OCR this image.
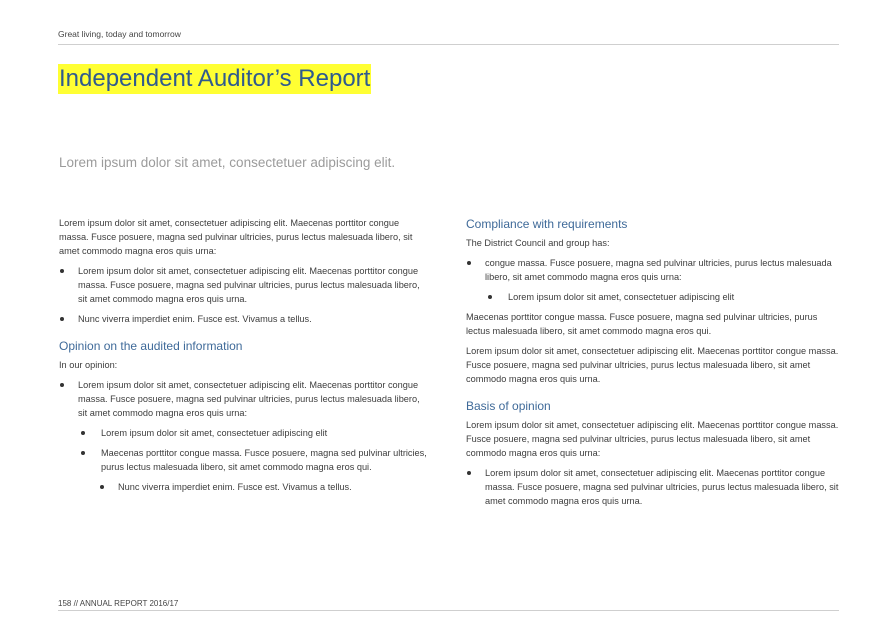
Great living, today and tomorrow
Independent Auditor’s Report
Lorem ipsum dolor sit amet, consectetuer adipiscing elit.

Lorem ipsum dolor sit amet, consectetuer adipiscing elit. Maecenas porttitor congue massa. Fusce posuere, magna sed pulvinar ultricies, purus lectus malesuada libero, sit amet commodo magna eros quis urna:

Lorem ipsum dolor sit amet, consectetuer adipiscing elit. Maecenas porttitor congue massa. Fusce posuere, magna sed pulvinar ultricies, purus lectus malesuada libero, sit amet commodo magna eros quis urna.
Nunc viverra imperdiet enim. Fusce est. Vivamus a tellus.
Opinion on the audited information

In our opinion:

Lorem ipsum dolor sit amet, consectetuer adipiscing elit. Maecenas porttitor congue massa. Fusce posuere, magna sed pulvinar ultricies, purus lectus malesuada libero, sit amet commodo magna eros quis urna:
Lorem ipsum dolor sit amet, consectetuer adipiscing elit
Maecenas porttitor congue massa. Fusce posuere, magna sed pulvinar ultricies, purus lectus malesuada libero, sit amet commodo magna eros qui.
Nunc viverra imperdiet enim. Fusce est. Vivamus a tellus.
Compliance with requirements

The District Council and group has:

congue massa. Fusce posuere, magna sed pulvinar ultricies, purus lectus malesuada libero, sit amet commodo magna eros quis urna:
Lorem ipsum dolor sit amet, consectetuer adipiscing elit

Maecenas porttitor congue massa. Fusce posuere, magna sed pulvinar ultricies, purus lectus malesuada libero, sit amet commodo magna eros qui.

Lorem ipsum dolor sit amet, consectetuer adipiscing elit. Maecenas porttitor congue massa. Fusce posuere, magna sed pulvinar ultricies, purus lectus malesuada libero, sit amet commodo magna eros quis urna.

Basis of opinion

Lorem ipsum dolor sit amet, consectetuer adipiscing elit. Maecenas porttitor congue massa. Fusce posuere, magna sed pulvinar ultricies, purus lectus malesuada libero, sit amet commodo magna eros quis urna:

Lorem ipsum dolor sit amet, consectetuer adipiscing elit. Maecenas porttitor congue massa. Fusce posuere, magna sed pulvinar ultricies, purus lectus malesuada libero, sit amet commodo magna eros quis urna.
158 // ANNUAL REPORT 2016/17
